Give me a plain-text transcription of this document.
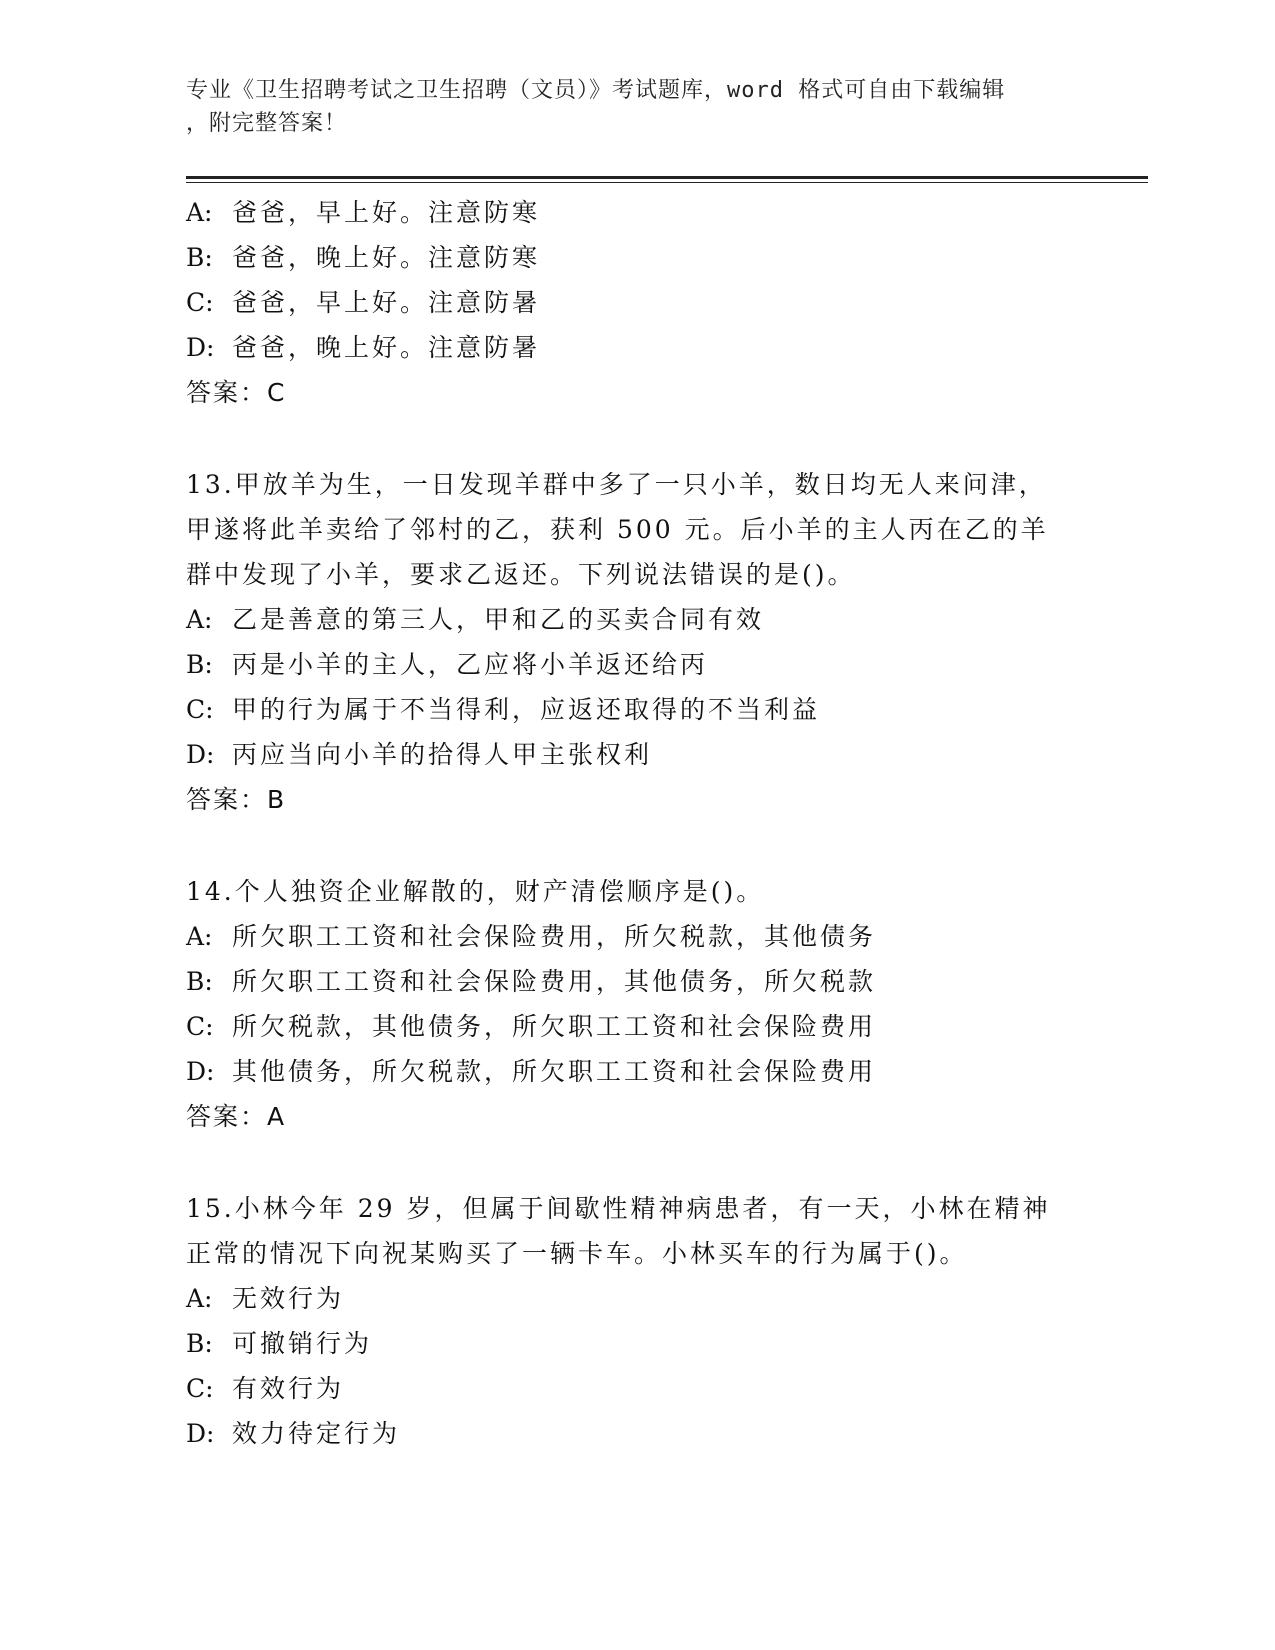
专业《卫生招聘考试之卫生招聘（文员）》考试题库，word 格式可自由下载编辑
，附完整答案！
A: 爸爸，早上好。注意防寒
B: 爸爸，晚上好。注意防寒
C: 爸爸，早上好。注意防暑
D: 爸爸，晚上好。注意防暑
答案：C
13.甲放羊为生，一日发现羊群中多了一只小羊，数日均无人来问津，
甲遂将此羊卖给了邻村的乙，获利 500 元。后小羊的主人丙在乙的羊
群中发现了小羊，要求乙返还。下列说法错误的是()。
A: 乙是善意的第三人，甲和乙的买卖合同有效
B: 丙是小羊的主人，乙应将小羊返还给丙
C: 甲的行为属于不当得利，应返还取得的不当利益
D: 丙应当向小羊的拾得人甲主张权利
答案：B
14.个人独资企业解散的，财产清偿顺序是()。
A: 所欠职工工资和社会保险费用，所欠税款，其他债务
B: 所欠职工工资和社会保险费用，其他债务，所欠税款
C: 所欠税款，其他债务，所欠职工工资和社会保险费用
D: 其他债务，所欠税款，所欠职工工资和社会保险费用
答案：A
15.小林今年 29 岁，但属于间歇性精神病患者，有一天，小林在精神
正常的情况下向祝某购买了一辆卡车。小林买车的行为属于()。
A: 无效行为
B: 可撤销行为
C: 有效行为
D: 效力待定行为
